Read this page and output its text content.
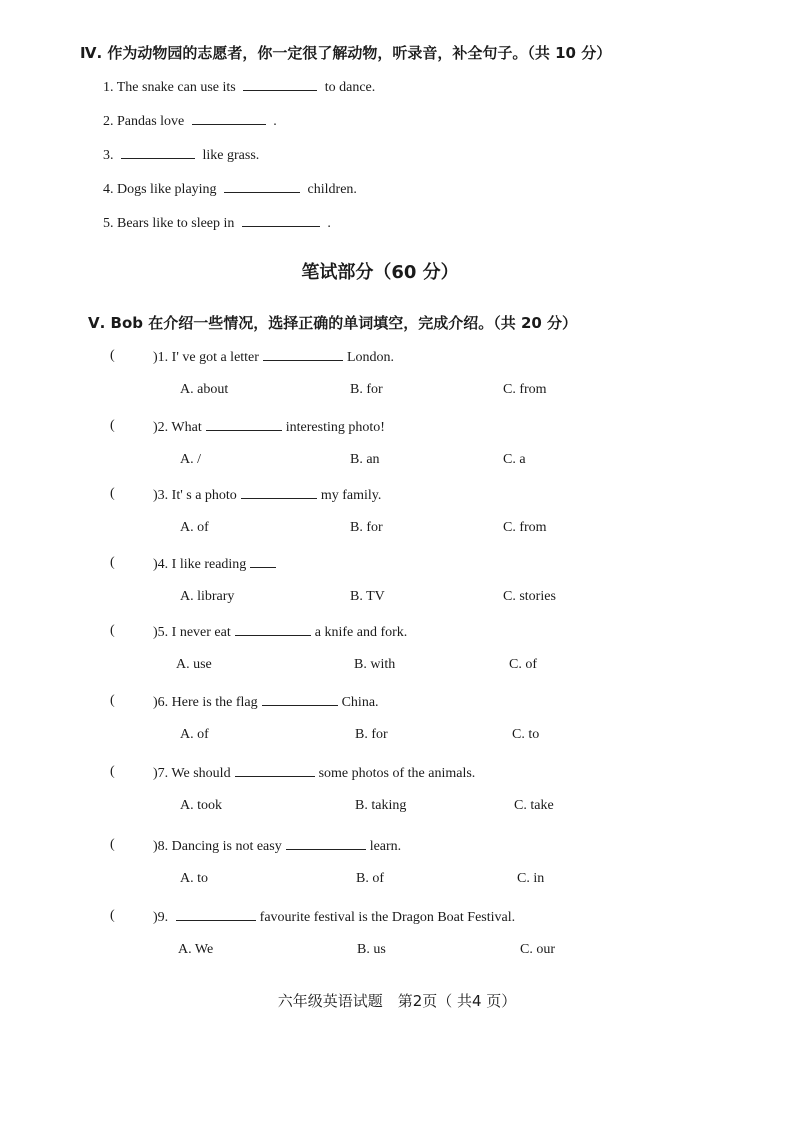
Ⅳ. 作为动物园的志愿者，你一定很了解动物，听录音，补全句子。（共 10 分）
1. The snake can use its	to dance.
2. Pandas love	.
3.	like grass.
4. Dogs like playing	children.
5. Bears like to sleep in	.
笔试部分（60 分）
Ⅴ. Bob 在介绍一些情况，选择正确的单词填空，完成介绍。（共 20 分）
(	)1. I' ve got a letter	London.
A. about	B. for	C. from
(	)2. What	interesting photo!
A. /	B. an	C. a
(	)3. It' s a photo	my family.
A. of	B. for	C. from
(	)4. I like reading
A. library	B. TV	C. stories
(	)5. I never eat	a knife and fork.
A. use	B. with	C. of
(	)6. Here is the flag	China.
A. of	B. for	C. to
(	)7. We should	some photos of the animals.
A. took	B. taking	C. take
(	)8. Dancing is not easy	learn.
A. to	B. of	C. in
(	)9.	favourite festival is the Dragon Boat Festival.
A. We	B. us	C. our
六年级英语试题　第2页（ 共4 页）
